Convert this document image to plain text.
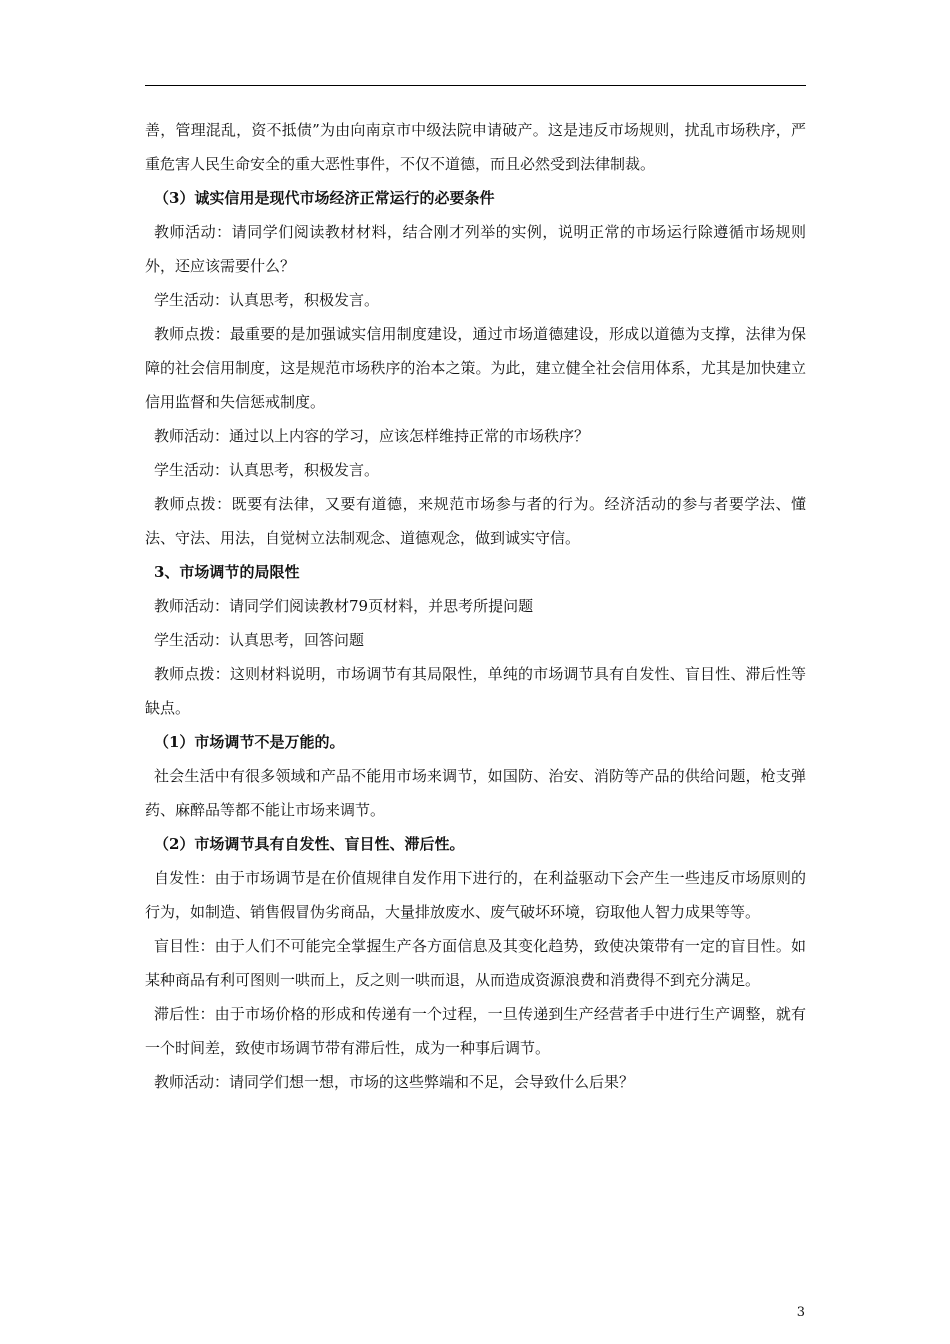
善，管理混乱，资不抵债”为由向南京市中级法院申请破产。这是违反市场规则，扰乱市场秩序，严重危害人民生命安全的重大恶性事件，不仅不道德，而且必然受到法律制裁。

（3）诚实信用是现代市场经济正常运行的必要条件

教师活动：请同学们阅读教材材料，结合刚才列举的实例，说明正常的市场运行除遵循市场规则外，还应该需要什么？

学生活动：认真思考，积极发言。

教师点拨：最重要的是加强诚实信用制度建设，通过市场道德建设，形成以道德为支撑，法律为保障的社会信用制度，这是规范市场秩序的治本之策。为此，建立健全社会信用体系，尤其是加快建立信用监督和失信惩戒制度。

教师活动：通过以上内容的学习，应该怎样维持正常的市场秩序？

学生活动：认真思考，积极发言。

教师点拨：既要有法律，又要有道德，来规范市场参与者的行为。经济活动的参与者要学法、懂法、守法、用法，自觉树立法制观念、道德观念，做到诚实守信。

3、市场调节的局限性

教师活动：请同学们阅读教材79页材料，并思考所提问题

学生活动：认真思考，回答问题

教师点拨：这则材料说明，市场调节有其局限性，单纯的市场调节具有自发性、盲目性、滞后性等缺点。

（1）市场调节不是万能的。

社会生活中有很多领域和产品不能用市场来调节，如国防、治安、消防等产品的供给问题，枪支弹药、麻醉品等都不能让市场来调节。

（2）市场调节具有自发性、盲目性、滞后性。

自发性：由于市场调节是在价值规律自发作用下进行的，在利益驱动下会产生一些违反市场原则的行为，如制造、销售假冒伪劣商品，大量排放废水、废气破坏环境，窃取他人智力成果等等。

盲目性：由于人们不可能完全掌握生产各方面信息及其变化趋势，致使决策带有一定的盲目性。如某种商品有利可图则一哄而上，反之则一哄而退，从而造成资源浪费和消费得不到充分满足。

滞后性：由于市场价格的形成和传递有一个过程，一旦传递到生产经营者手中进行生产调整，就有一个时间差，致使市场调节带有滞后性，成为一种事后调节。

教师活动：请同学们想一想，市场的这些弊端和不足，会导致什么后果？

3
